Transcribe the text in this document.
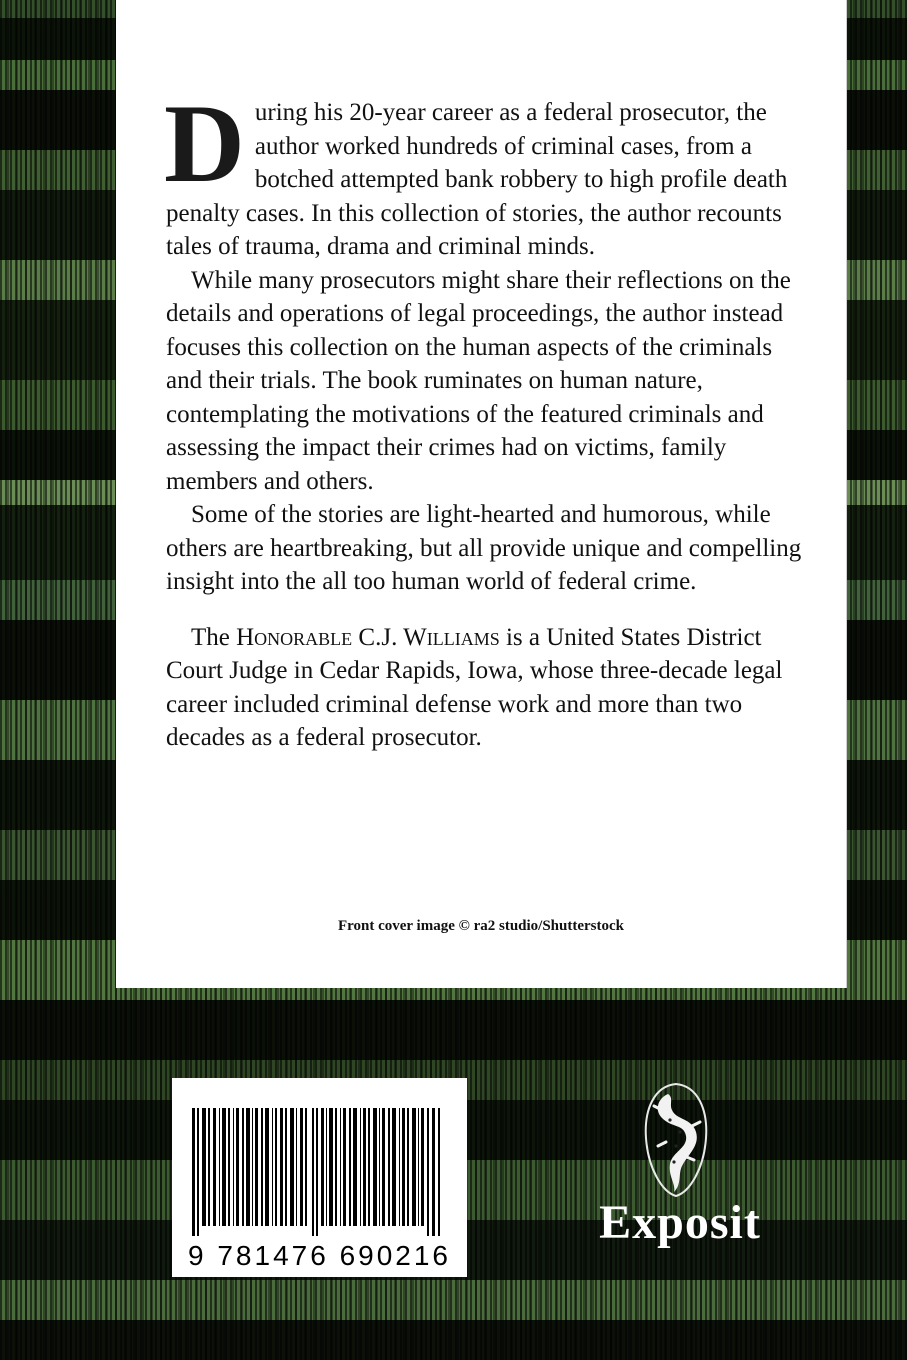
During his 20-year career as a federal prosecutor, the author worked hundreds of criminal cases, from a botched attempted bank robbery to high profile death penalty cases. In this collection of stories, the author recounts tales of trauma, drama and criminal minds.

While many prosecutors might share their reflections on the details and operations of legal proceedings, the author instead focuses this collection on the human aspects of the criminals and their trials. The book ruminates on human nature, contemplating the motivations of the featured criminals and assessing the impact their crimes had on victims, family members and others.

Some of the stories are light-hearted and humorous, while others are heartbreaking, but all provide unique and compelling insight into the all too human world of federal crime.

The Honorable C.J. Williams is a United States District Court Judge in Cedar Rapids, Iowa, whose three-decade legal career included criminal defense work and more than two decades as a federal prosecutor.

Front cover image © ra2 studio/Shutterstock
9 781476 690216
Exposit
